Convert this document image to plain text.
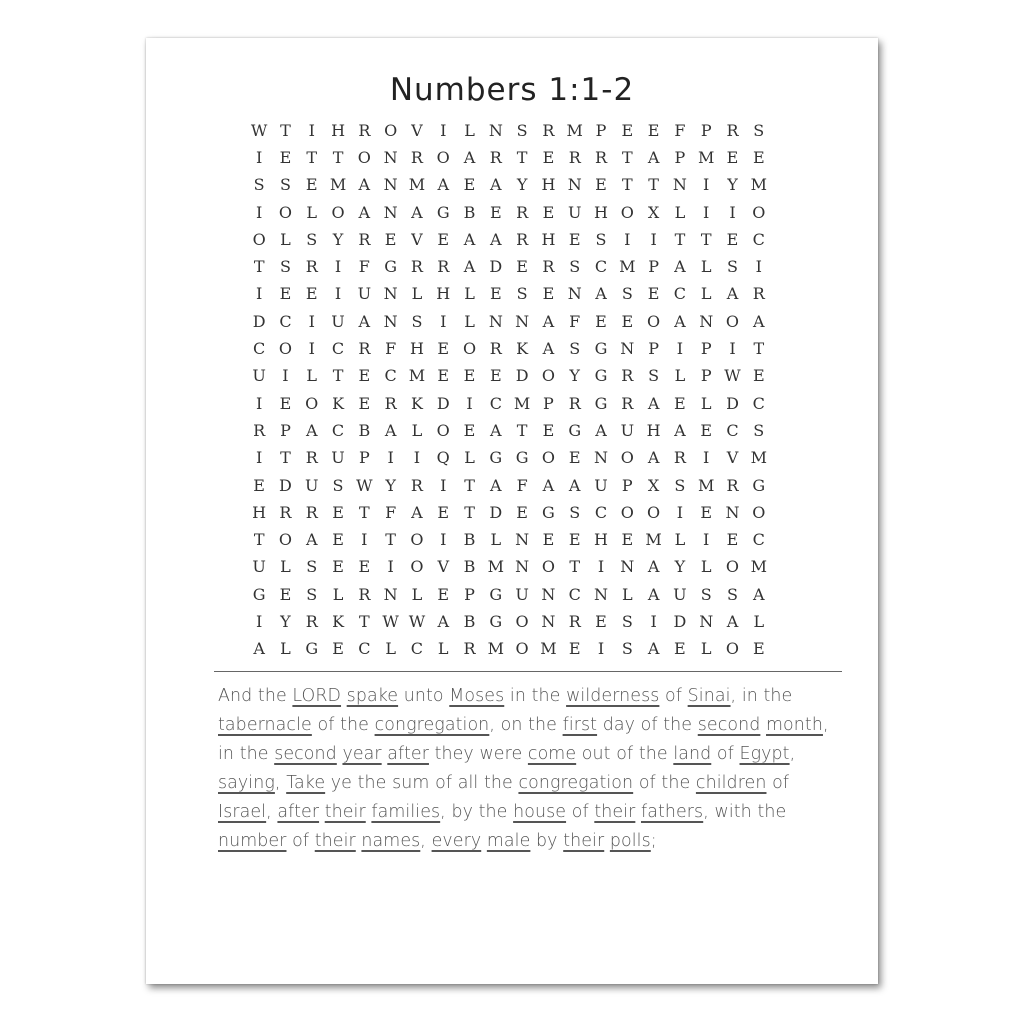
Numbers 1:1-2
W T	I	H R O V	I	L N S R M P E E F P R S
I	E T T O N R O A R T E R R T A P M E E
S S E M A N M A E A Y H N E T T N	I	Y M
I	O L O A N A G B E R E U H O X L	I	I	O
O L S Y R E V E A A R H E S	I	I	T T E C
T S R	I	F G R R A D E R S C M P A L S	I
I	E E	I	U N L H L E S E N A S E C L A R
D C	I	U A N S	I	L N N A F E E O A N O A
C O	I	C R F H E O R K A S G N P	I	P	I	T
U	I	L T E C M E E E D O Y G R S L P W E
I	E O K E R K D	I	C M P R G R A E L D C
R P A C B A L O E A T E G A U H A E C S
I	T R U P	I	I	Q L G G O E N O A R	I	V M
E D U S W Y R	I	T A F A A U P X S M R G
H R R E T F A E T D E G S C O O	I	E N O
T O A E	I	T O	I	B L N E E H E M L	I	E C
U L S E E	I	O V B M N O T	I	N A Y L O M
G E S L R N L E P G U N C N L A U S S A
I	Y R K T W W A B G O N R E S	I	D N A L
A L G E C L C L R M O M E	I	S A E L O E
And the LORD spake unto Moses in the wilderness of Sinai, in the tabernacle of the congregation, on the first day of the second month, in the second year after they were come out of the land of Egypt, saying, Take ye the sum of all the congregation of the children of Israel, after their families, by the house of their fathers, with the number of their names, every male by their polls;
